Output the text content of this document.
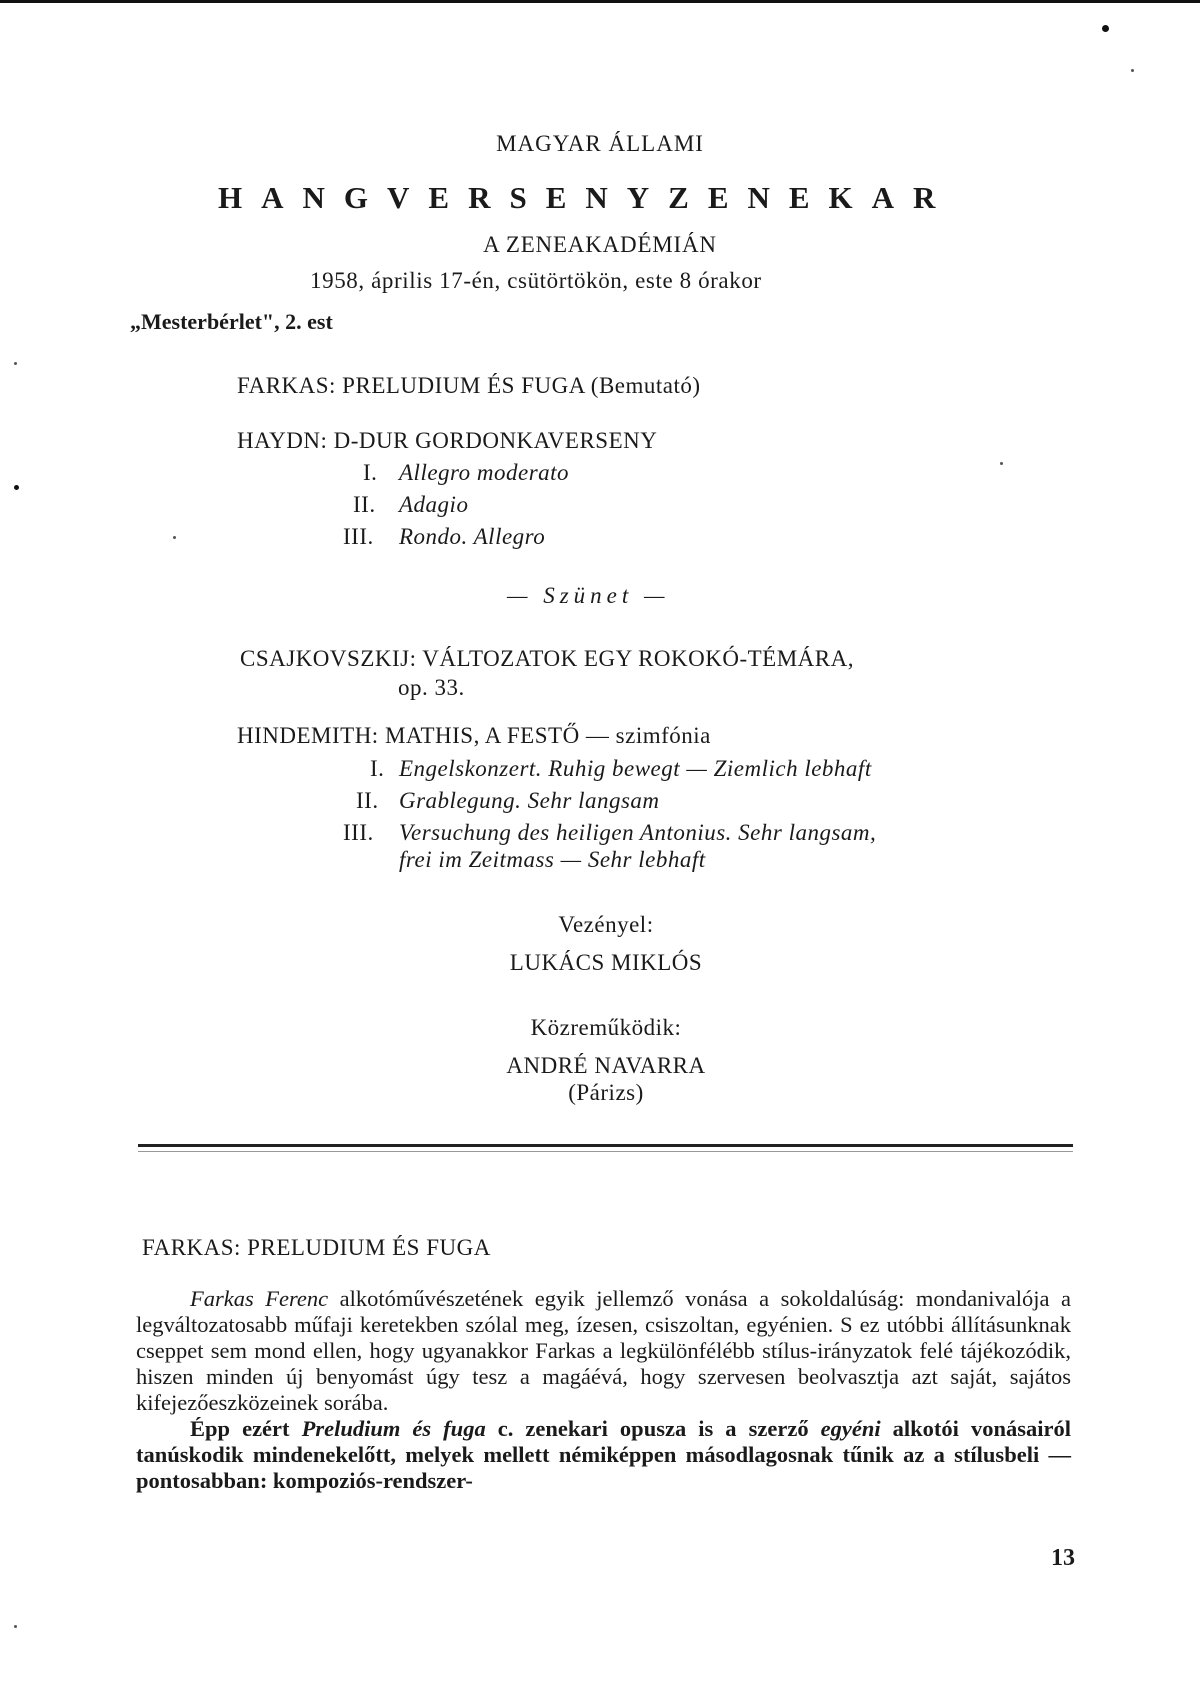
MAGYAR ÁLLAMI
HANGVERSENYZENEKAR
A ZENEAKADÉMIÁN
1958, április 17-én, csütörtökön, este 8 órakor
„Mesterbérlet", 2. est
FARKAS: PRELUDIUM ÉS FUGA (Bemutató)
HAYDN: D-DUR GORDONKAVERSENY
I. Allegro moderato
II. Adagio
III. Rondo. Allegro
— Szünet —
CSAJKOVSZKIJ: VÁLTOZATOK EGY ROKOKÓ-TÉMÁRA,
op. 33.
HINDEMITH: MATHIS, A FESTŐ — szimfónia
I. Engelskonzert. Ruhig bewegt — Ziemlich lebhaft
II. Grablegung. Sehr langsam
III. Versuchung des heiligen Antonius. Sehr langsam,
frei im Zeitmass — Sehr lebhaft
Vezényel:
LUKÁCS MIKLÓS
Közreműködik:
ANDRÉ NAVARRA
(Párizs)
FARKAS: PRELUDIUM ÉS FUGA

Farkas Ferenc alkotóművészetének egyik jellemző vonása a sokoldalúság: mondanivalója a legváltozatosabb műfaji keretekben szólal meg, ízesen, csiszoltan, egyénien. S ez utóbbi állításunknak cseppet sem mond ellen, hogy ugyanakkor Farkas a legkülönfélébb stílus-irányzatok felé tájékozódik, hiszen minden új benyomást úgy tesz a magáévá, hogy szervesen beolvasztja azt saját, sajátos kifejezőeszközeinek sorába.

Épp ezért Preludium és fuga c. zenekari opusza is a szerző egyéni alkotói vonásairól tanúskodik mindenekelőtt, melyek mellett némiképpen másodlagosnak tűnik az a stílusbeli — pontosabban: kompoziós-rendszer-

13
